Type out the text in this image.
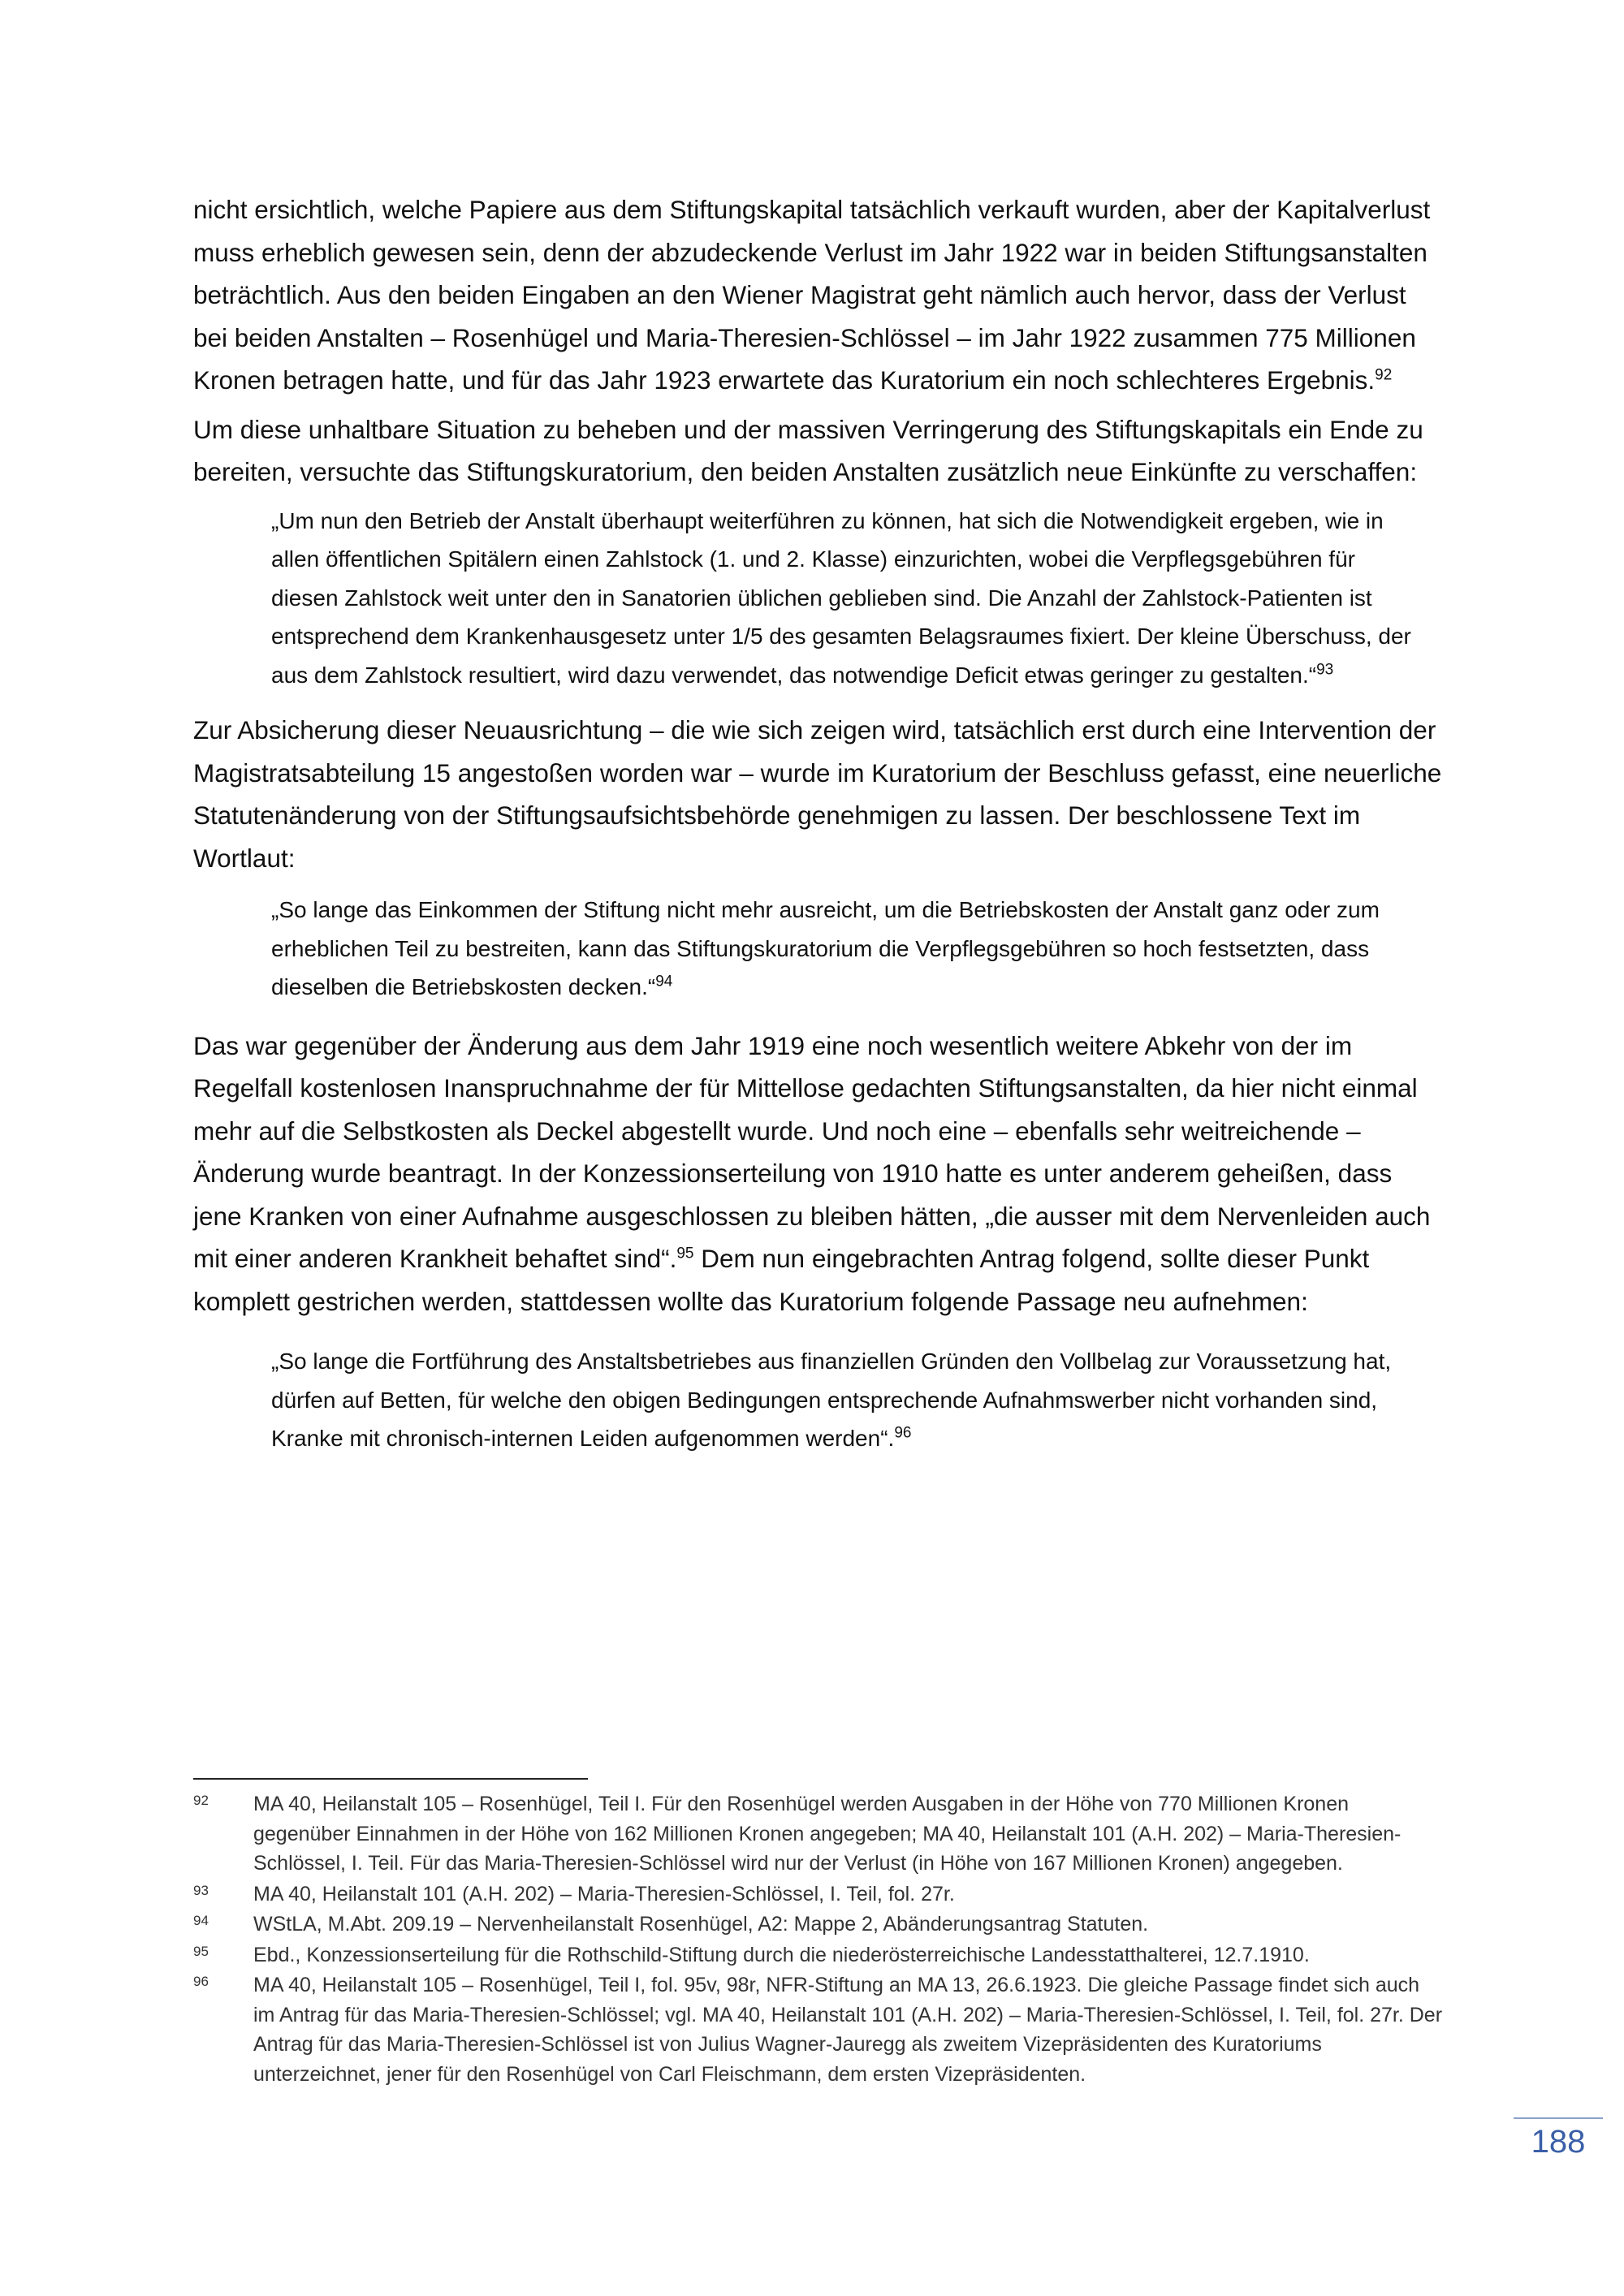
nicht ersichtlich, welche Papiere aus dem Stiftungskapital tatsächlich verkauft wurden, aber der Kapitalverlust muss erheblich gewesen sein, denn der abzudeckende Verlust im Jahr 1922 war in beiden Stiftungsanstalten beträchtlich. Aus den beiden Eingaben an den Wiener Magistrat geht nämlich auch hervor, dass der Verlust bei beiden Anstalten – Rosenhügel und Maria-Theresien-Schlössel – im Jahr 1922 zusammen 775 Millionen Kronen betragen hatte, und für das Jahr 1923 erwartete das Kuratorium ein noch schlechteres Ergebnis.$^{92}$

Um diese unhaltbare Situation zu beheben und der massiven Verringerung des Stiftungskapitals ein Ende zu bereiten, versuchte das Stiftungskuratorium, den beiden Anstalten zusätzlich neue Einkünfte zu verschaffen:

„Um nun den Betrieb der Anstalt überhaupt weiterführen zu können, hat sich die Notwendigkeit ergeben, wie in allen öffentlichen Spitälern einen Zahlstock (1. und 2. Klasse) einzurichten, wobei die Verpflegsgebühren für diesen Zahlstock weit unter den in Sanatorien üblichen geblieben sind. Die Anzahl der Zahlstock-Patienten ist entsprechend dem Krankenhausgesetz unter 1/5 des gesamten Belagsraumes fixiert. Der kleine Überschuss, der aus dem Zahlstock resultiert, wird dazu verwendet, das notwendige Deficit etwas geringer zu gestalten.“$^{93}$

Zur Absicherung dieser Neuausrichtung – die wie sich zeigen wird, tatsächlich erst durch eine Intervention der Magistratsabteilung 15 angestoßen worden war – wurde im Kuratorium der Beschluss gefasst, eine neuerliche Statutenänderung von der Stiftungsaufsichtsbehörde genehmigen zu lassen. Der beschlossene Text im Wortlaut:

„So lange das Einkommen der Stiftung nicht mehr ausreicht, um die Betriebskosten der Anstalt ganz oder zum erheblichen Teil zu bestreiten, kann das Stiftungskuratorium die Verpflegsgebühren so hoch festsetzten, dass dieselben die Betriebskosten decken.“$^{94}$

Das war gegenüber der Änderung aus dem Jahr 1919 eine noch wesentlich weitere Abkehr von der im Regelfall kostenlosen Inanspruchnahme der für Mittellose gedachten Stiftungsanstalten, da hier nicht einmal mehr auf die Selbstkosten als Deckel abgestellt wurde. Und noch eine – ebenfalls sehr weitreichende – Änderung wurde beantragt. In der Konzessionserteilung von 1910 hatte es unter anderem geheißen, dass jene Kranken von einer Aufnahme ausgeschlossen zu bleiben hätten, „die ausser mit dem Nervenleiden auch mit einer anderen Krankheit behaftet sind“.$^{95}$ Dem nun eingebrachten Antrag folgend, sollte dieser Punkt komplett gestrichen werden, stattdessen wollte das Kuratorium folgende Passage neu aufnehmen:

„So lange die Fortführung des Anstaltsbetriebes aus finanziellen Gründen den Vollbelag zur Voraussetzung hat, dürfen auf Betten, für welche den obigen Bedingungen entsprechende Aufnahmswerber nicht vorhanden sind, Kranke mit chronisch-internen Leiden aufgenommen werden“.$^{96}$

92	MA 40, Heilanstalt 105 – Rosenhügel, Teil I. Für den Rosenhügel werden Ausgaben in der Höhe von 770 Millionen Kronen gegenüber Einnahmen in der Höhe von 162 Millionen Kronen angegeben; MA 40, Heilanstalt 101 (A.H. 202) – Maria-Theresien-Schlössel, I. Teil. Für das Maria-Theresien-Schlössel wird nur der Verlust (in Höhe von 167 Millionen Kronen) angegeben.
93	MA 40, Heilanstalt 101 (A.H. 202) – Maria-Theresien-Schlössel, I. Teil, fol. 27r.
94	WStLA, M.Abt. 209.19 – Nervenheilanstalt Rosenhügel, A2: Mappe 2, Abänderungsantrag Statuten.
95	Ebd., Konzessionserteilung für die Rothschild-Stiftung durch die niederösterreichische Landesstatthalterei, 12.7.1910.
96	MA 40, Heilanstalt 105 – Rosenhügel, Teil I, fol. 95v, 98r, NFR-Stiftung an MA 13, 26.6.1923. Die gleiche Passage findet sich auch im Antrag für das Maria-Theresien-Schlössel; vgl. MA 40, Heilanstalt 101 (A.H. 202) – Maria-Theresien-Schlössel, I. Teil, fol. 27r. Der Antrag für das Maria-Theresien-Schlössel ist von Julius Wagner-Jauregg als zweitem Vizepräsidenten des Kuratoriums unterzeichnet, jener für den Rosenhügel von Carl Fleischmann, dem ersten Vizepräsidenten.
188
